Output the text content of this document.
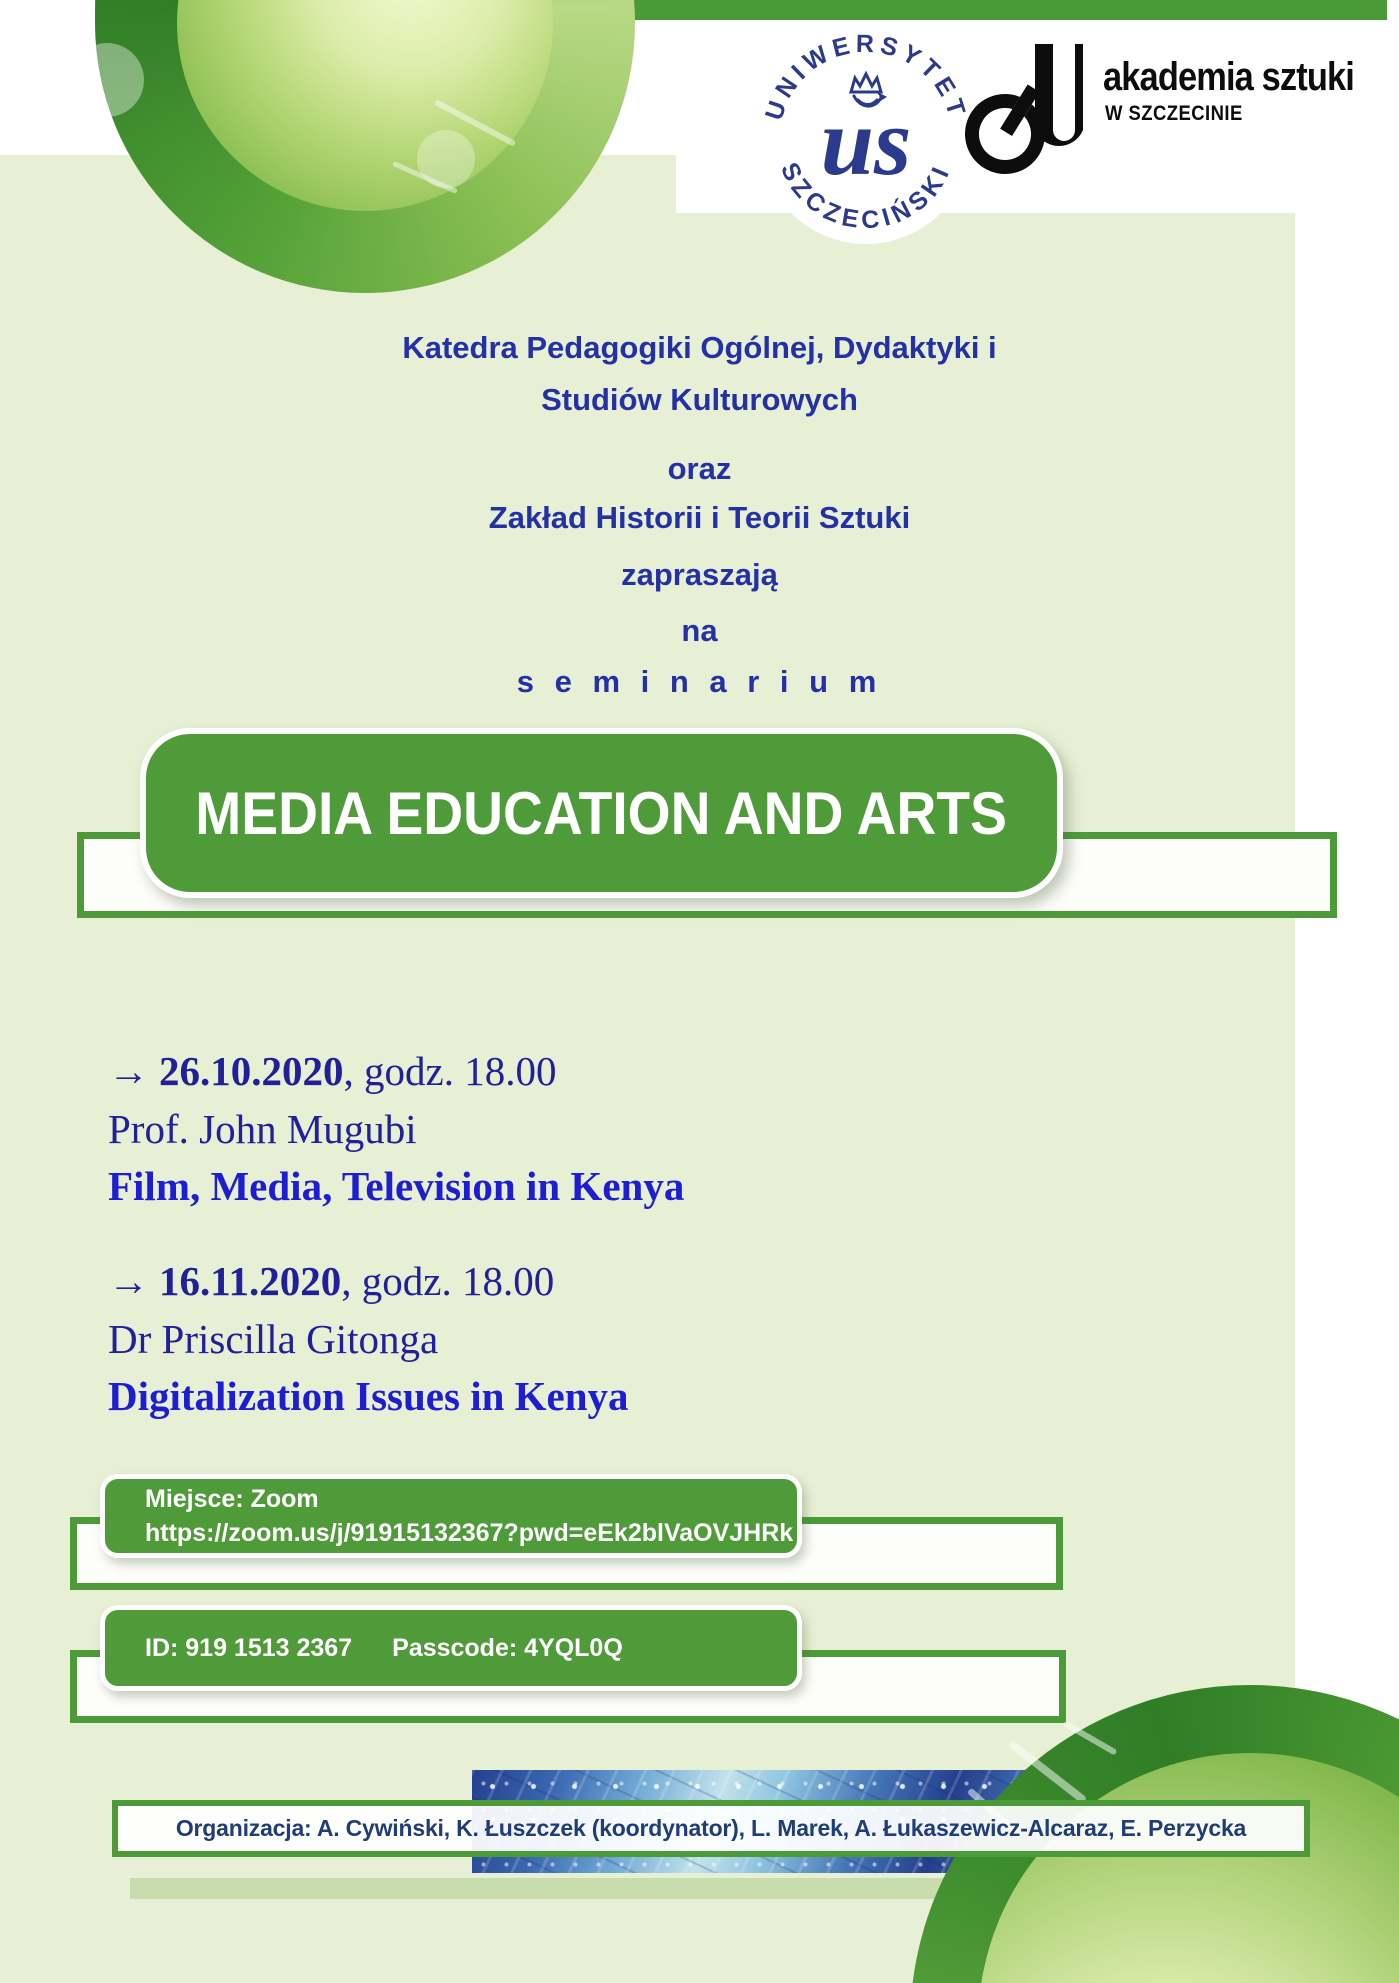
UNIWERSYTET
SZCZECIŃSKI
us
akademia sztuki
W SZCZECINIE
Katedra Pedagogiki Ogólnej, Dydaktyki i
Studiów Kulturowych
oraz
Zakład Historii i Teorii Sztuki
zapraszają
na
s e m i n a r i u m
MEDIA EDUCATION AND ARTS
→ 26.10.2020, godz. 18.00
Prof. John Mugubi
Film, Media, Television in Kenya
→ 16.11.2020, godz. 18.00
Dr Priscilla Gitonga
Digitalization Issues in Kenya
Miejsce: Zoom
https://zoom.us/j/91915132367?pwd=eEk2blVaOVJHRk
ID: 919 1513 2367 Passcode: 4YQL0Q
Organizacja: A. Cywiński, K. Łuszczek (koordynator), L. Marek, A. Łukaszewicz-Alcaraz, E. Perzycka
